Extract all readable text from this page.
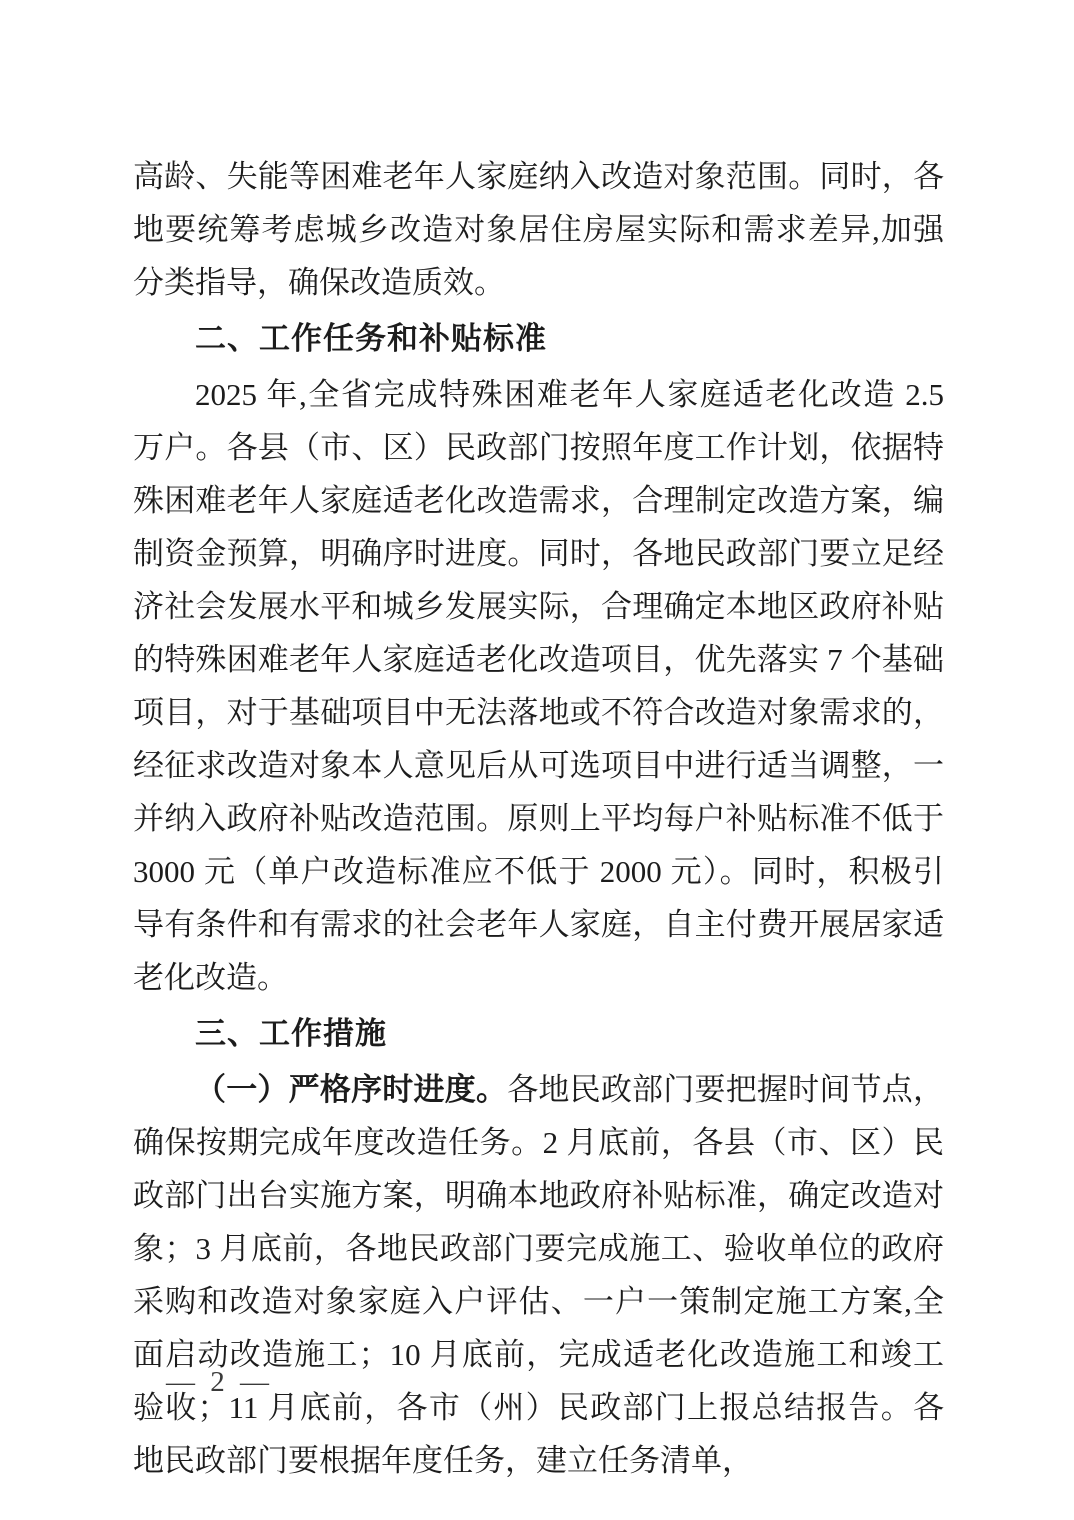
高龄、失能等困难老年人家庭纳入改造对象范围。同时，各地要统筹考虑城乡改造对象居住房屋实际和需求差异,加强分类指导，确保改造质效。

二、工作任务和补贴标准

2025 年,全省完成特殊困难老年人家庭适老化改造 2.5 万户。各县（市、区）民政部门按照年度工作计划，依据特殊困难老年人家庭适老化改造需求，合理制定改造方案，编制资金预算，明确序时进度。同时，各地民政部门要立足经济社会发展水平和城乡发展实际，合理确定本地区政府补贴的特殊困难老年人家庭适老化改造项目，优先落实 7 个基础项目，对于基础项目中无法落地或不符合改造对象需求的，经征求改造对象本人意见后从可选项目中进行适当调整，一并纳入政府补贴改造范围。原则上平均每户补贴标准不低于 3000 元（单户改造标准应不低于 2000 元）。同时，积极引导有条件和有需求的社会老年人家庭，自主付费开展居家适老化改造。

三、工作措施

（一）严格序时进度。各地民政部门要把握时间节点，确保按期完成年度改造任务。2 月底前，各县（市、区）民政部门出台实施方案，明确本地政府补贴标准，确定改造对象；3 月底前，各地民政部门要完成施工、验收单位的政府采购和改造对象家庭入户评估、一户一策制定施工方案,全面启动改造施工；10 月底前，完成适老化改造施工和竣工验收；11 月底前，各市（州）民政部门上报总结报告。各地民政部门要根据年度任务，建立任务清单，

— 2 —
